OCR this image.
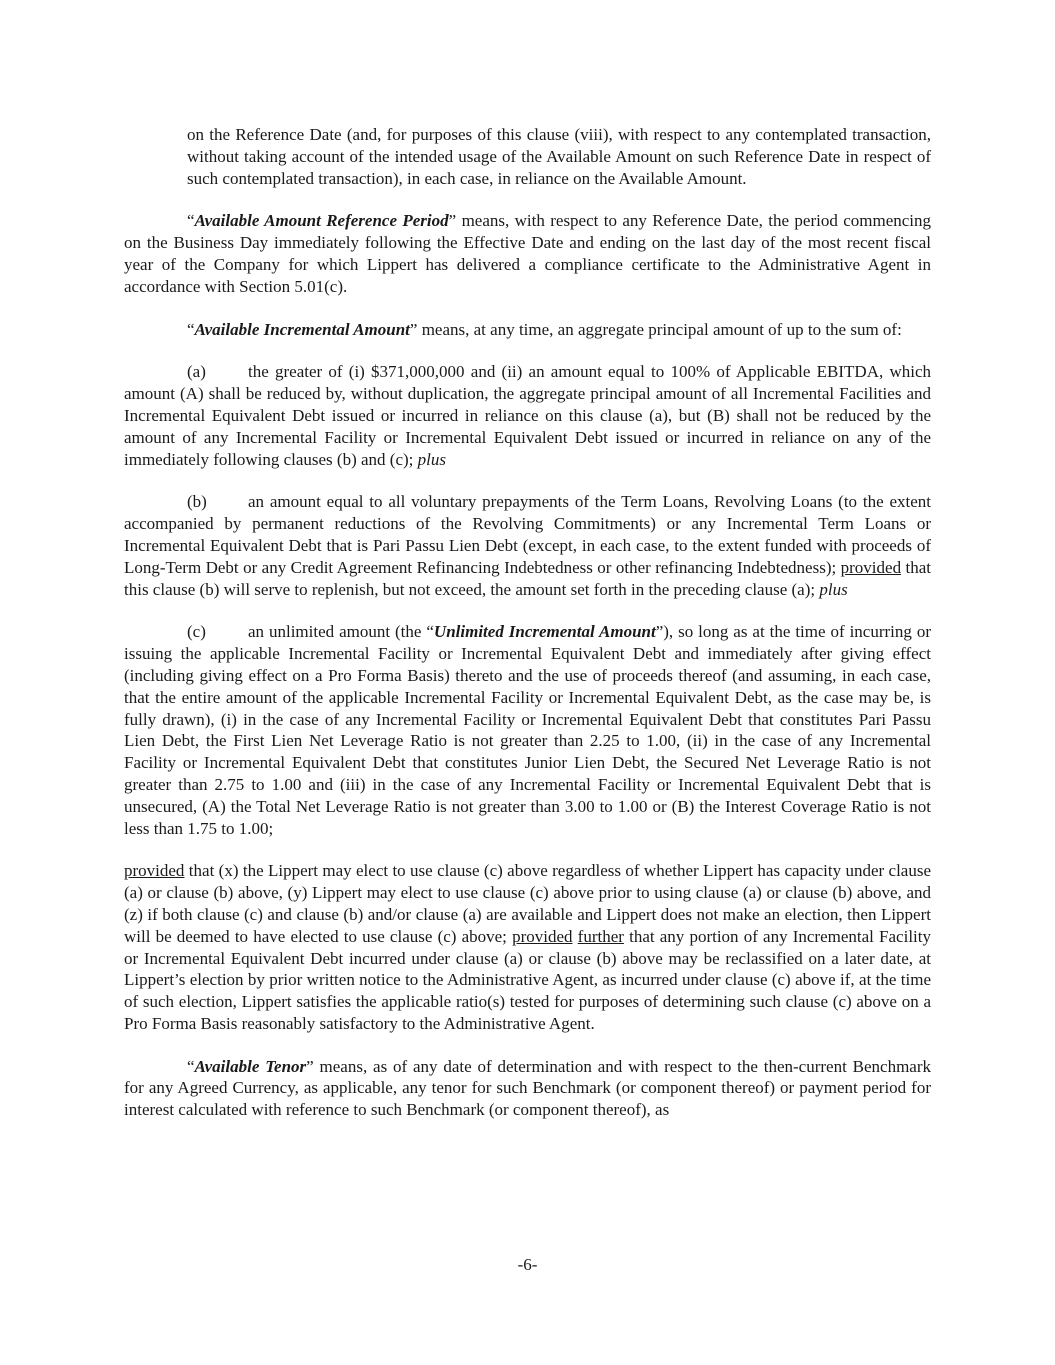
on the Reference Date (and, for purposes of this clause (viii), with respect to any contemplated transaction, without taking account of the intended usage of the Available Amount on such Reference Date in respect of such contemplated transaction), in each case, in reliance on the Available Amount.

“Available Amount Reference Period” means, with respect to any Reference Date, the period commencing on the Business Day immediately following the Effective Date and ending on the last day of the most recent fiscal year of the Company for which Lippert has delivered a compliance certificate to the Administrative Agent in accordance with Section 5.01(c).

“Available Incremental Amount” means, at any time, an aggregate principal amount of up to the sum of:

(a) the greater of (i) $371,000,000 and (ii) an amount equal to 100% of Applicable EBITDA, which amount (A) shall be reduced by, without duplication, the aggregate principal amount of all Incremental Facilities and Incremental Equivalent Debt issued or incurred in reliance on this clause (a), but (B) shall not be reduced by the amount of any Incremental Facility or Incremental Equivalent Debt issued or incurred in reliance on any of the immediately following clauses (b) and (c); plus

(b) an amount equal to all voluntary prepayments of the Term Loans, Revolving Loans (to the extent accompanied by permanent reductions of the Revolving Commitments) or any Incremental Term Loans or Incremental Equivalent Debt that is Pari Passu Lien Debt (except, in each case, to the extent funded with proceeds of Long-Term Debt or any Credit Agreement Refinancing Indebtedness or other refinancing Indebtedness); provided that this clause (b) will serve to replenish, but not exceed, the amount set forth in the preceding clause (a); plus

(c) an unlimited amount (the “Unlimited Incremental Amount”), so long as at the time of incurring or issuing the applicable Incremental Facility or Incremental Equivalent Debt and immediately after giving effect (including giving effect on a Pro Forma Basis) thereto and the use of proceeds thereof (and assuming, in each case, that the entire amount of the applicable Incremental Facility or Incremental Equivalent Debt, as the case may be, is fully drawn), (i) in the case of any Incremental Facility or Incremental Equivalent Debt that constitutes Pari Passu Lien Debt, the First Lien Net Leverage Ratio is not greater than 2.25 to 1.00, (ii) in the case of any Incremental Facility or Incremental Equivalent Debt that constitutes Junior Lien Debt, the Secured Net Leverage Ratio is not greater than 2.75 to 1.00 and (iii) in the case of any Incremental Facility or Incremental Equivalent Debt that is unsecured, (A) the Total Net Leverage Ratio is not greater than 3.00 to 1.00 or (B) the Interest Coverage Ratio is not less than 1.75 to 1.00;

provided that (x) the Lippert may elect to use clause (c) above regardless of whether Lippert has capacity under clause (a) or clause (b) above, (y) Lippert may elect to use clause (c) above prior to using clause (a) or clause (b) above, and (z) if both clause (c) and clause (b) and/or clause (a) are available and Lippert does not make an election, then Lippert will be deemed to have elected to use clause (c) above; provided further that any portion of any Incremental Facility or Incremental Equivalent Debt incurred under clause (a) or clause (b) above may be reclassified on a later date, at Lippert’s election by prior written notice to the Administrative Agent, as incurred under clause (c) above if, at the time of such election, Lippert satisfies the applicable ratio(s) tested for purposes of determining such clause (c) above on a Pro Forma Basis reasonably satisfactory to the Administrative Agent.

“Available Tenor” means, as of any date of determination and with respect to the then-current Benchmark for any Agreed Currency, as applicable, any tenor for such Benchmark (or component thereof) or payment period for interest calculated with reference to such Benchmark (or component thereof), as

-6-
